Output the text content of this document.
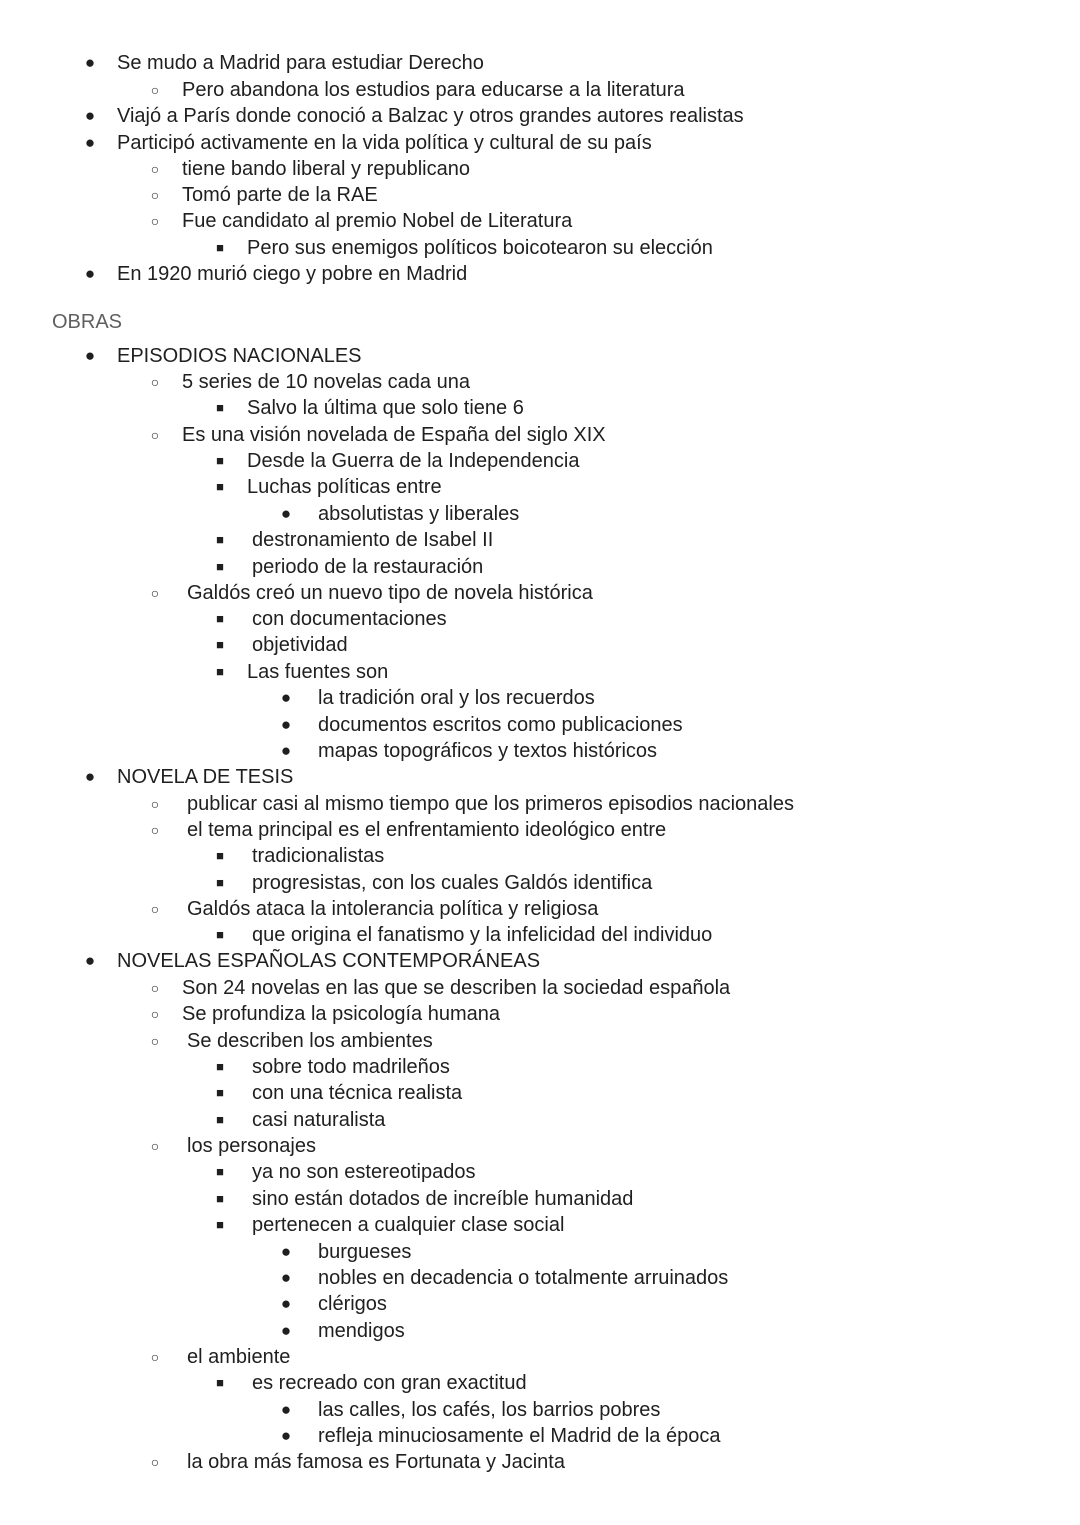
● Se mudo a Madrid para estudiar Derecho
○ Pero abandona los estudios para educarse a la literatura
● Viajó a París donde conoció a Balzac y otros grandes autores realistas
● Participó activamente en la vida política y cultural de su país
○ tiene bando liberal y republicano
○ Tomó parte de la RAE
○ Fue candidato al premio Nobel de Literatura
■	Pero sus enemigos políticos boicotearon su elección
● En 1920 murió ciego y pobre en Madrid
OBRAS
● EPISODIOS NACIONALES
○ 5 series de 10 novelas cada una
■	Salvo la última que solo tiene 6
○ Es una visión novelada de España del siglo XIX
■	Desde la Guerra de la Independencia
■	Luchas políticas entre
● absolutistas y liberales
■	destronamiento de Isabel II
■	periodo de la restauración
○ Galdós creó un nuevo tipo de novela histórica
■	con documentaciones
■	objetividad
■	Las fuentes son
● la tradición oral y los recuerdos
● documentos escritos como publicaciones
● mapas topográficos y textos históricos
● NOVELA DE TESIS
○ publicar casi al mismo tiempo que los primeros episodios nacionales
○ el tema principal es el enfrentamiento ideológico entre
■	tradicionalistas
■	progresistas, con los cuales Galdós identifica
○ Galdós ataca la intolerancia política y religiosa
■	que origina el fanatismo y la infelicidad del individuo
● NOVELAS ESPAÑOLAS CONTEMPORÁNEAS
○ Son 24 novelas en las que se describen la sociedad española
○ Se profundiza la psicología humana
○ Se describen los ambientes
■	sobre todo madrileños
■	con una técnica realista
■	casi naturalista
○ los personajes
■	ya no son estereotipados
■	sino están dotados de increíble humanidad
■	pertenecen a cualquier clase social
● burgueses
● nobles en decadencia o totalmente arruinados
● clérigos
● mendigos
○ el ambiente
■	es recreado con gran exactitud
● las calles, los cafés, los barrios pobres
● refleja minuciosamente el Madrid de la época
○ la obra más famosa es Fortunata y Jacinta
